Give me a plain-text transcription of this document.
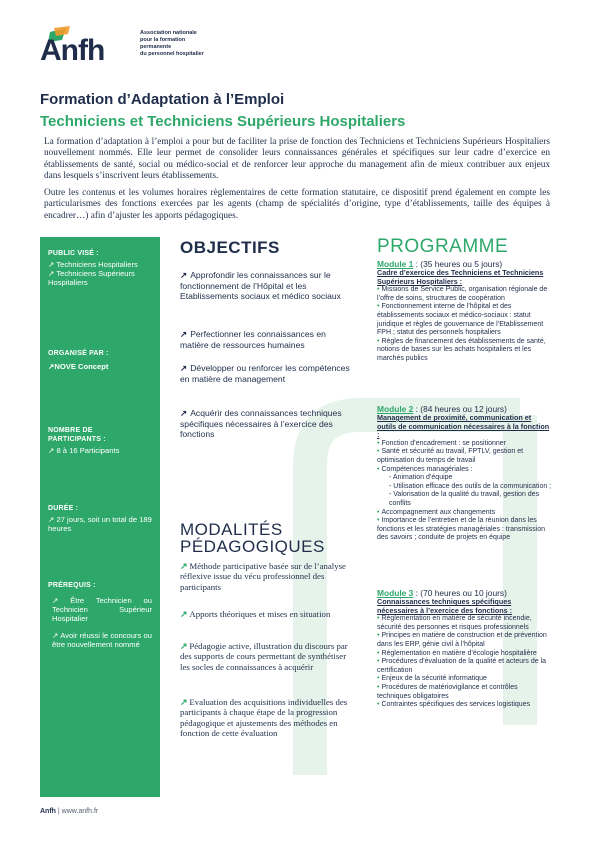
Anfh
Association nationale
pour la formation permanente
du personnel hospitalier
Formation d’Adaptation à l’Emploi
Techniciens et Techniciens Supérieurs Hospitaliers

La formation d’adaptation à l’emploi a pour but de faciliter la prise de fonction des Techniciens et Techniciens Supérieurs Hospitaliers nouvellement nommés. Elle leur permet de consolider leurs connaissances générales et spécifiques sur leur cadre d’exercice en établissements de santé, social ou médico-social et de renforcer leur approche du management afin de mieux contribuer aux enjeux dans lesquels s’inscrivent leurs établissements.

Outre les contenus et les volumes horaires règlementaires de cette formation statutaire, ce dispositif prend également en compte les particularismes des fonctions exercées par les agents (champ de spécialités d’origine, type d’établissements, taille des équipes à encadrer…) afin d’ajuster les apports pédagogiques.

PUBLIC VISÉ :
↗ Techniciens Hospitaliers
↗ Techniciens Supérieurs Hospitaliers
ORGANISÉ PAR :
↗NOVE Concept
NOMBRE DE
PARTICIPANTS :
↗ 8 à 16 Participants
DURÉE :
↗ 27 jours, soit un total de 189 heures
PRÉREQUIS :
↗ Être Technicien ou Technicien Supérieur Hospitalier
↗ Avoir réussi le concours ou être nouvellement nommé
OBJECTIFS
↗ Approfondir les connaissances sur le fonctionnement de l’Hôpital et les Etablissements sociaux et médico sociaux
↗ Perfectionner les connaissances en matière de ressources humaines
↗ Développer ou renforcer les compétences en matière de management
↗ Acquérir des connaissances techniques spécifiques nécessaires à l’exercice des fonctions
MODALITÉS
PÉDAGOGIQUES
↗ Méthode participative basée sur de l’analyse réflexive issue du vécu professionnel des participants
↗ Apports théoriques et mises en situation
↗ Pédagogie active, illustration du discours par des supports de cours permettant de synthétiser les socles de connaissances à acquérir
↗ Evaluation des acquisitions individuelles des participants à chaque étape de la progression pédagogique et ajustements des méthodes en fonction de cette évaluation
PROGRAMME
Module 1 : (35 heures ou 5 jours)
Cadre d’exercice des Techniciens et Techniciens Supérieurs Hospitaliers :
• Missions de Service Public, organisation régionale de l’offre de soins, structures de coopération
• Fonctionnement interne de l’hôpital et des établissements sociaux et médico-sociaux : statut juridique et règles de gouvernance de l’Etablissement FPH ; statut des personnels hospitaliers
• Règles de financement des établissements de santé, notions de bases sur les achats hospitaliers et les marchés publics
Module 2 : (84 heures ou 12 jours)
Management de proximité, communication et outils de communication nécessaires à la fonction :
• Fonction d’encadrement : se positionner
• Santé et sécurité au travail, FPTLV, gestion et optimisation du temps de travail
• Compétences managériales :
- Animation d’équipe
- Utilisation efficace des outils de la communication ;
- Valorisation de la qualité du travail, gestion des conflits
• Accompagnement aux changements
• Importance de l’entretien et de la réunion dans les fonctions et les stratégies managériales : transmission des savoirs ; conduite de projets en équipe
Module 3 : (70 heures ou 10 jours)
Connaissances techniques spécifiques nécessaires à l’exercice des fonctions :
• Réglementation en matière de sécurité incendie, sécurité des personnes et risques professionnels
• Principes en matière de construction et de prévention dans les ERP, génie civil à l’hôpital
• Réglementation en matière d’écologie hospitalière
• Procédures d’évaluation de la qualité et acteurs de la certification
• Enjeux de la sécurité informatique
• Procédures de matériovigilance et contrôles techniques obligatoires
• Contraintes spécifiques des services logistiques
Anfh | www.anfh.fr
